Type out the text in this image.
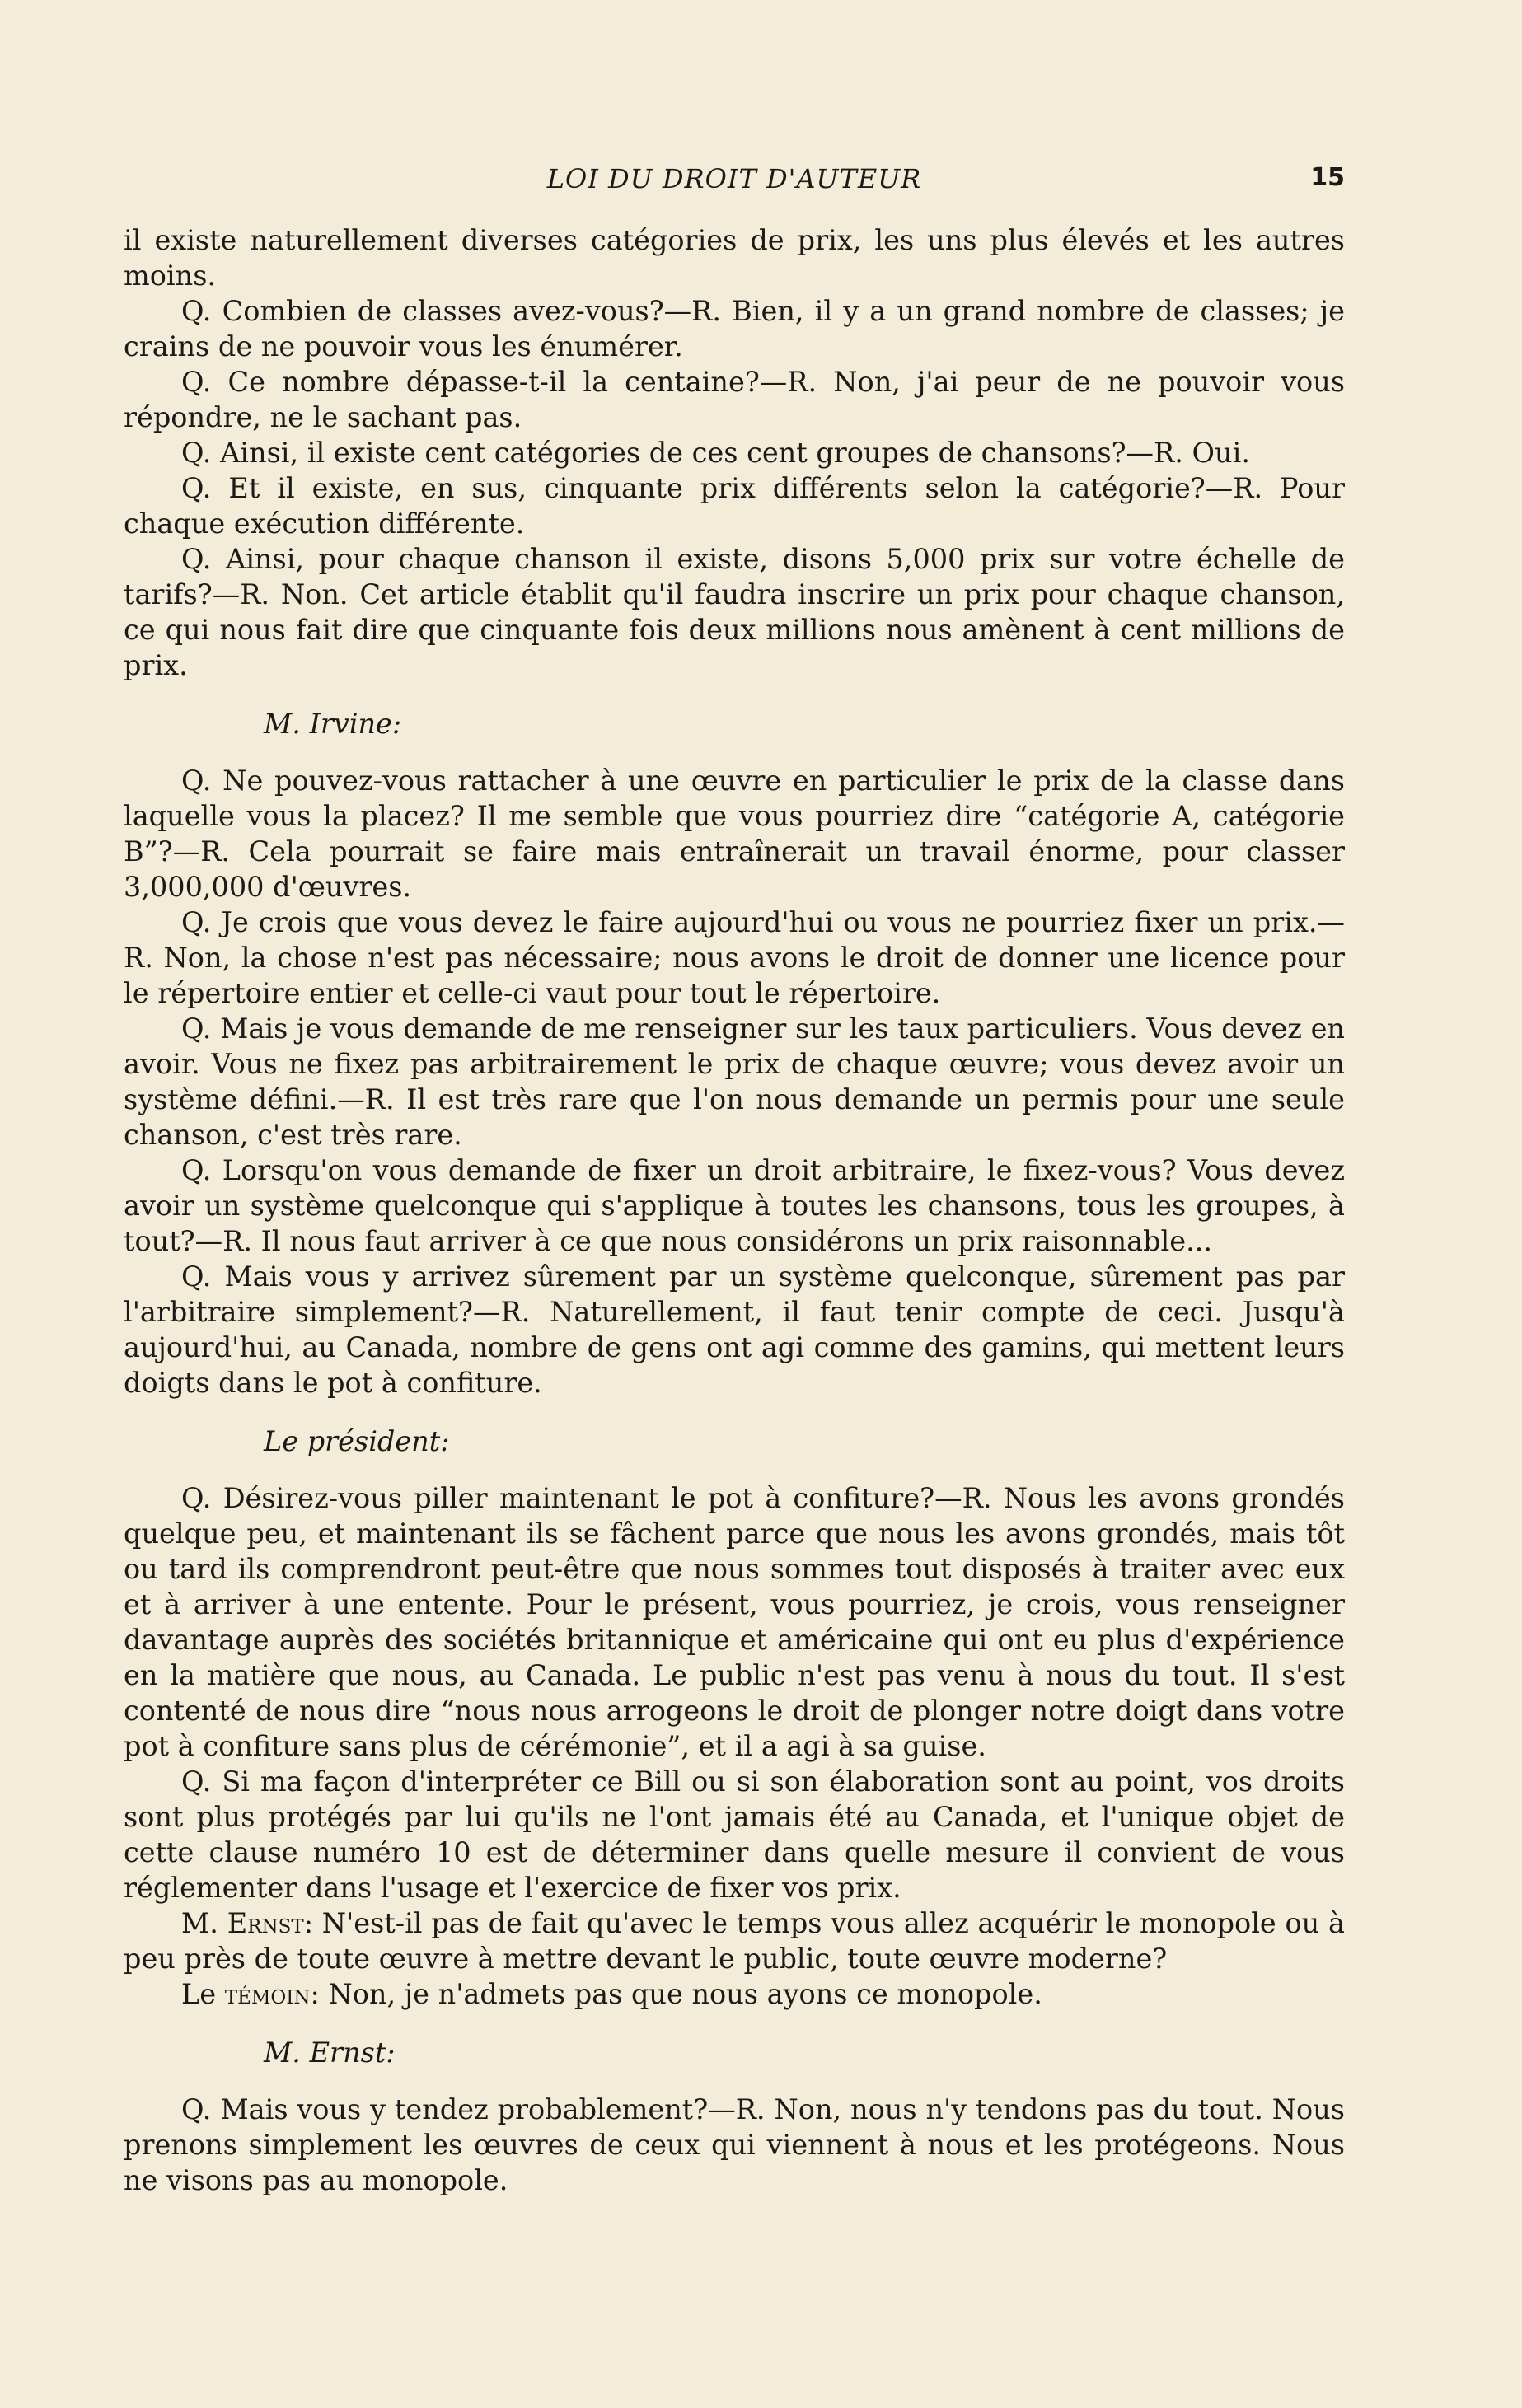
LOI DU DROIT D'AUTEUR	15

il existe naturellement diverses catégories de prix, les uns plus élevés et les autres moins.

Q. Combien de classes avez-vous?—R. Bien, il y a un grand nombre de classes; je crains de ne pouvoir vous les énumérer.

Q. Ce nombre dépasse-t-il la centaine?—R. Non, j'ai peur de ne pouvoir vous répondre, ne le sachant pas.

Q. Ainsi, il existe cent catégories de ces cent groupes de chansons?—R. Oui.

Q. Et il existe, en sus, cinquante prix différents selon la catégorie?—R. Pour chaque exécution différente.

Q. Ainsi, pour chaque chanson il existe, disons 5,000 prix sur votre échelle de tarifs?—R. Non. Cet article établit qu'il faudra inscrire un prix pour chaque chanson, ce qui nous fait dire que cinquante fois deux millions nous amènent à cent millions de prix.

M. Irvine:

Q. Ne pouvez-vous rattacher à une œuvre en particulier le prix de la classe dans laquelle vous la placez? Il me semble que vous pourriez dire “catégorie A, catégorie B”?—R. Cela pourrait se faire mais entraînerait un travail énorme, pour classer 3,000,000 d'œuvres.

Q. Je crois que vous devez le faire aujourd'hui ou vous ne pourriez fixer un prix.—R. Non, la chose n'est pas nécessaire; nous avons le droit de donner une licence pour le répertoire entier et celle-ci vaut pour tout le répertoire.

Q. Mais je vous demande de me renseigner sur les taux particuliers. Vous devez en avoir. Vous ne fixez pas arbitrairement le prix de chaque œuvre; vous devez avoir un système défini.—R. Il est très rare que l'on nous demande un permis pour une seule chanson, c'est très rare.

Q. Lorsqu'on vous demande de fixer un droit arbitraire, le fixez-vous? Vous devez avoir un système quelconque qui s'applique à toutes les chansons, tous les groupes, à tout?—R. Il nous faut arriver à ce que nous considérons un prix raisonnable...

Q. Mais vous y arrivez sûrement par un système quelconque, sûrement pas par l'arbitraire simplement?—R. Naturellement, il faut tenir compte de ceci. Jusqu'à aujourd'hui, au Canada, nombre de gens ont agi comme des gamins, qui mettent leurs doigts dans le pot à confiture.

Le président:

Q. Désirez-vous piller maintenant le pot à confiture?—R. Nous les avons grondés quelque peu, et maintenant ils se fâchent parce que nous les avons grondés, mais tôt ou tard ils comprendront peut-être que nous sommes tout disposés à traiter avec eux et à arriver à une entente. Pour le présent, vous pourriez, je crois, vous renseigner davantage auprès des sociétés britannique et américaine qui ont eu plus d'expérience en la matière que nous, au Canada. Le public n'est pas venu à nous du tout. Il s'est contenté de nous dire “nous nous arrogeons le droit de plonger notre doigt dans votre pot à confiture sans plus de cérémonie”, et il a agi à sa guise.

Q. Si ma façon d'interpréter ce Bill ou si son élaboration sont au point, vos droits sont plus protégés par lui qu'ils ne l'ont jamais été au Canada, et l'unique objet de cette clause numéro 10 est de déterminer dans quelle mesure il convient de vous réglementer dans l'usage et l'exercice de fixer vos prix.

M. Ernst: N'est-il pas de fait qu'avec le temps vous allez acquérir le monopole ou à peu près de toute œuvre à mettre devant le public, toute œuvre moderne?

Le témoin: Non, je n'admets pas que nous ayons ce monopole.

M. Ernst:

Q. Mais vous y tendez probablement?—R. Non, nous n'y tendons pas du tout. Nous prenons simplement les œuvres de ceux qui viennent à nous et les protégeons. Nous ne visons pas au monopole.
